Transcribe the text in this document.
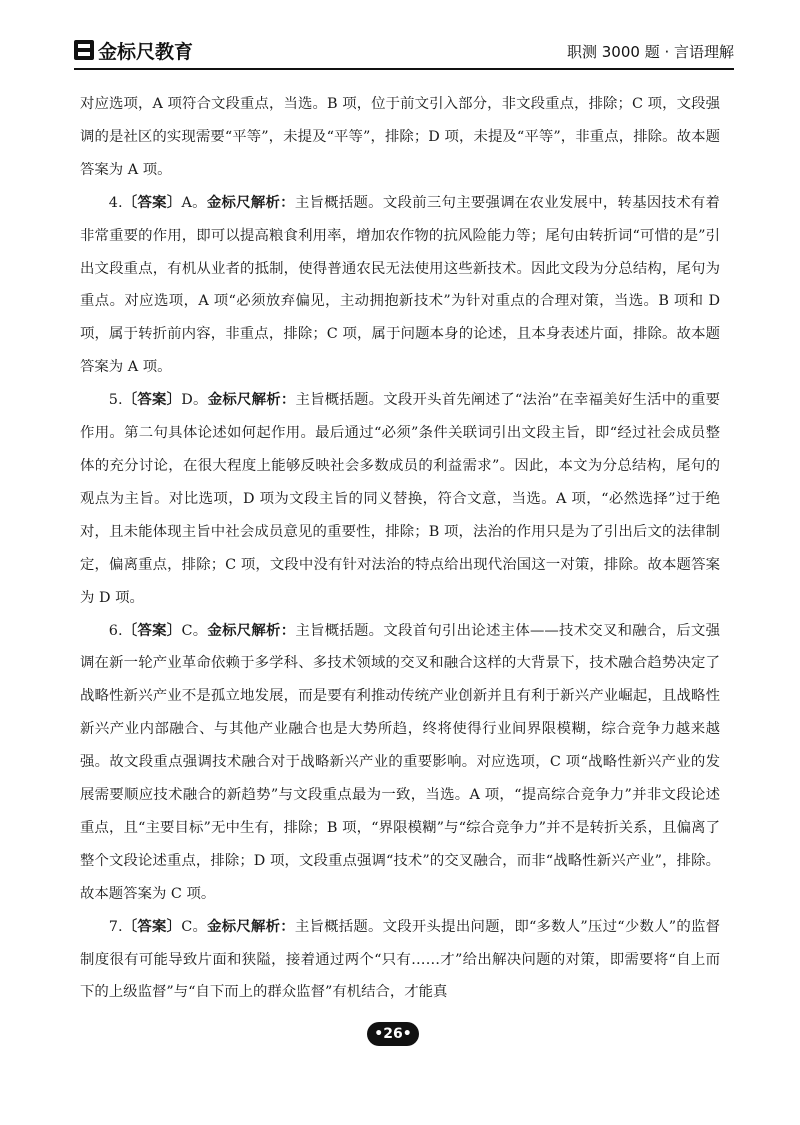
金标尺教育	职测 3000 题 · 言语理解

对应选项，A 项符合文段重点，当选。B 项，位于前文引入部分，非文段重点，排除；C 项，文段强调的是社区的实现需要“平等”，未提及“平等”，排除；D 项，未提及“平等”，非重点，排除。故本题答案为 A 项。

4.〔答案〕A。金标尺解析：主旨概括题。文段前三句主要强调在农业发展中，转基因技术有着非常重要的作用，即可以提高粮食利用率，增加农作物的抗风险能力等；尾句由转折词“可惜的是”引出文段重点，有机从业者的抵制，使得普通农民无法使用这些新技术。因此文段为分总结构，尾句为重点。对应选项，A 项“必须放弃偏见，主动拥抱新技术”为针对重点的合理对策，当选。B 项和 D 项，属于转折前内容，非重点，排除；C 项，属于问题本身的论述，且本身表述片面，排除。故本题答案为 A 项。

5.〔答案〕D。金标尺解析：主旨概括题。文段开头首先阐述了“法治”在幸福美好生活中的重要作用。第二句具体论述如何起作用。最后通过“必须”条件关联词引出文段主旨，即“经过社会成员整体的充分讨论，在很大程度上能够反映社会多数成员的利益需求”。因此，本文为分总结构，尾句的观点为主旨。对比选项，D 项为文段主旨的同义替换，符合文意，当选。A 项，“必然选择”过于绝对，且未能体现主旨中社会成员意见的重要性，排除；B 项，法治的作用只是为了引出后文的法律制定，偏离重点，排除；C 项，文段中没有针对法治的特点给出现代治国这一对策，排除。故本题答案为 D 项。

6.〔答案〕C。金标尺解析：主旨概括题。文段首句引出论述主体——技术交叉和融合，后文强调在新一轮产业革命依赖于多学科、多技术领域的交叉和融合这样的大背景下，技术融合趋势决定了战略性新兴产业不是孤立地发展，而是要有利推动传统产业创新并且有利于新兴产业崛起，且战略性新兴产业内部融合、与其他产业融合也是大势所趋，终将使得行业间界限模糊，综合竞争力越来越强。故文段重点强调技术融合对于战略新兴产业的重要影响。对应选项，C 项“战略性新兴产业的发展需要顺应技术融合的新趋势”与文段重点最为一致，当选。A 项，“提高综合竞争力”并非文段论述重点，且“主要目标”无中生有，排除；B 项，“界限模糊”与“综合竞争力”并不是转折关系，且偏离了整个文段论述重点，排除；D 项，文段重点强调“技术”的交叉融合，而非“战略性新兴产业”，排除。故本题答案为 C 项。

7.〔答案〕C。金标尺解析：主旨概括题。文段开头提出问题，即“多数人”压过“少数人”的监督制度很有可能导致片面和狭隘，接着通过两个“只有……才”给出解决问题的对策，即需要将“自上而下的上级监督”与“自下而上的群众监督”有机结合，才能真

•26•
